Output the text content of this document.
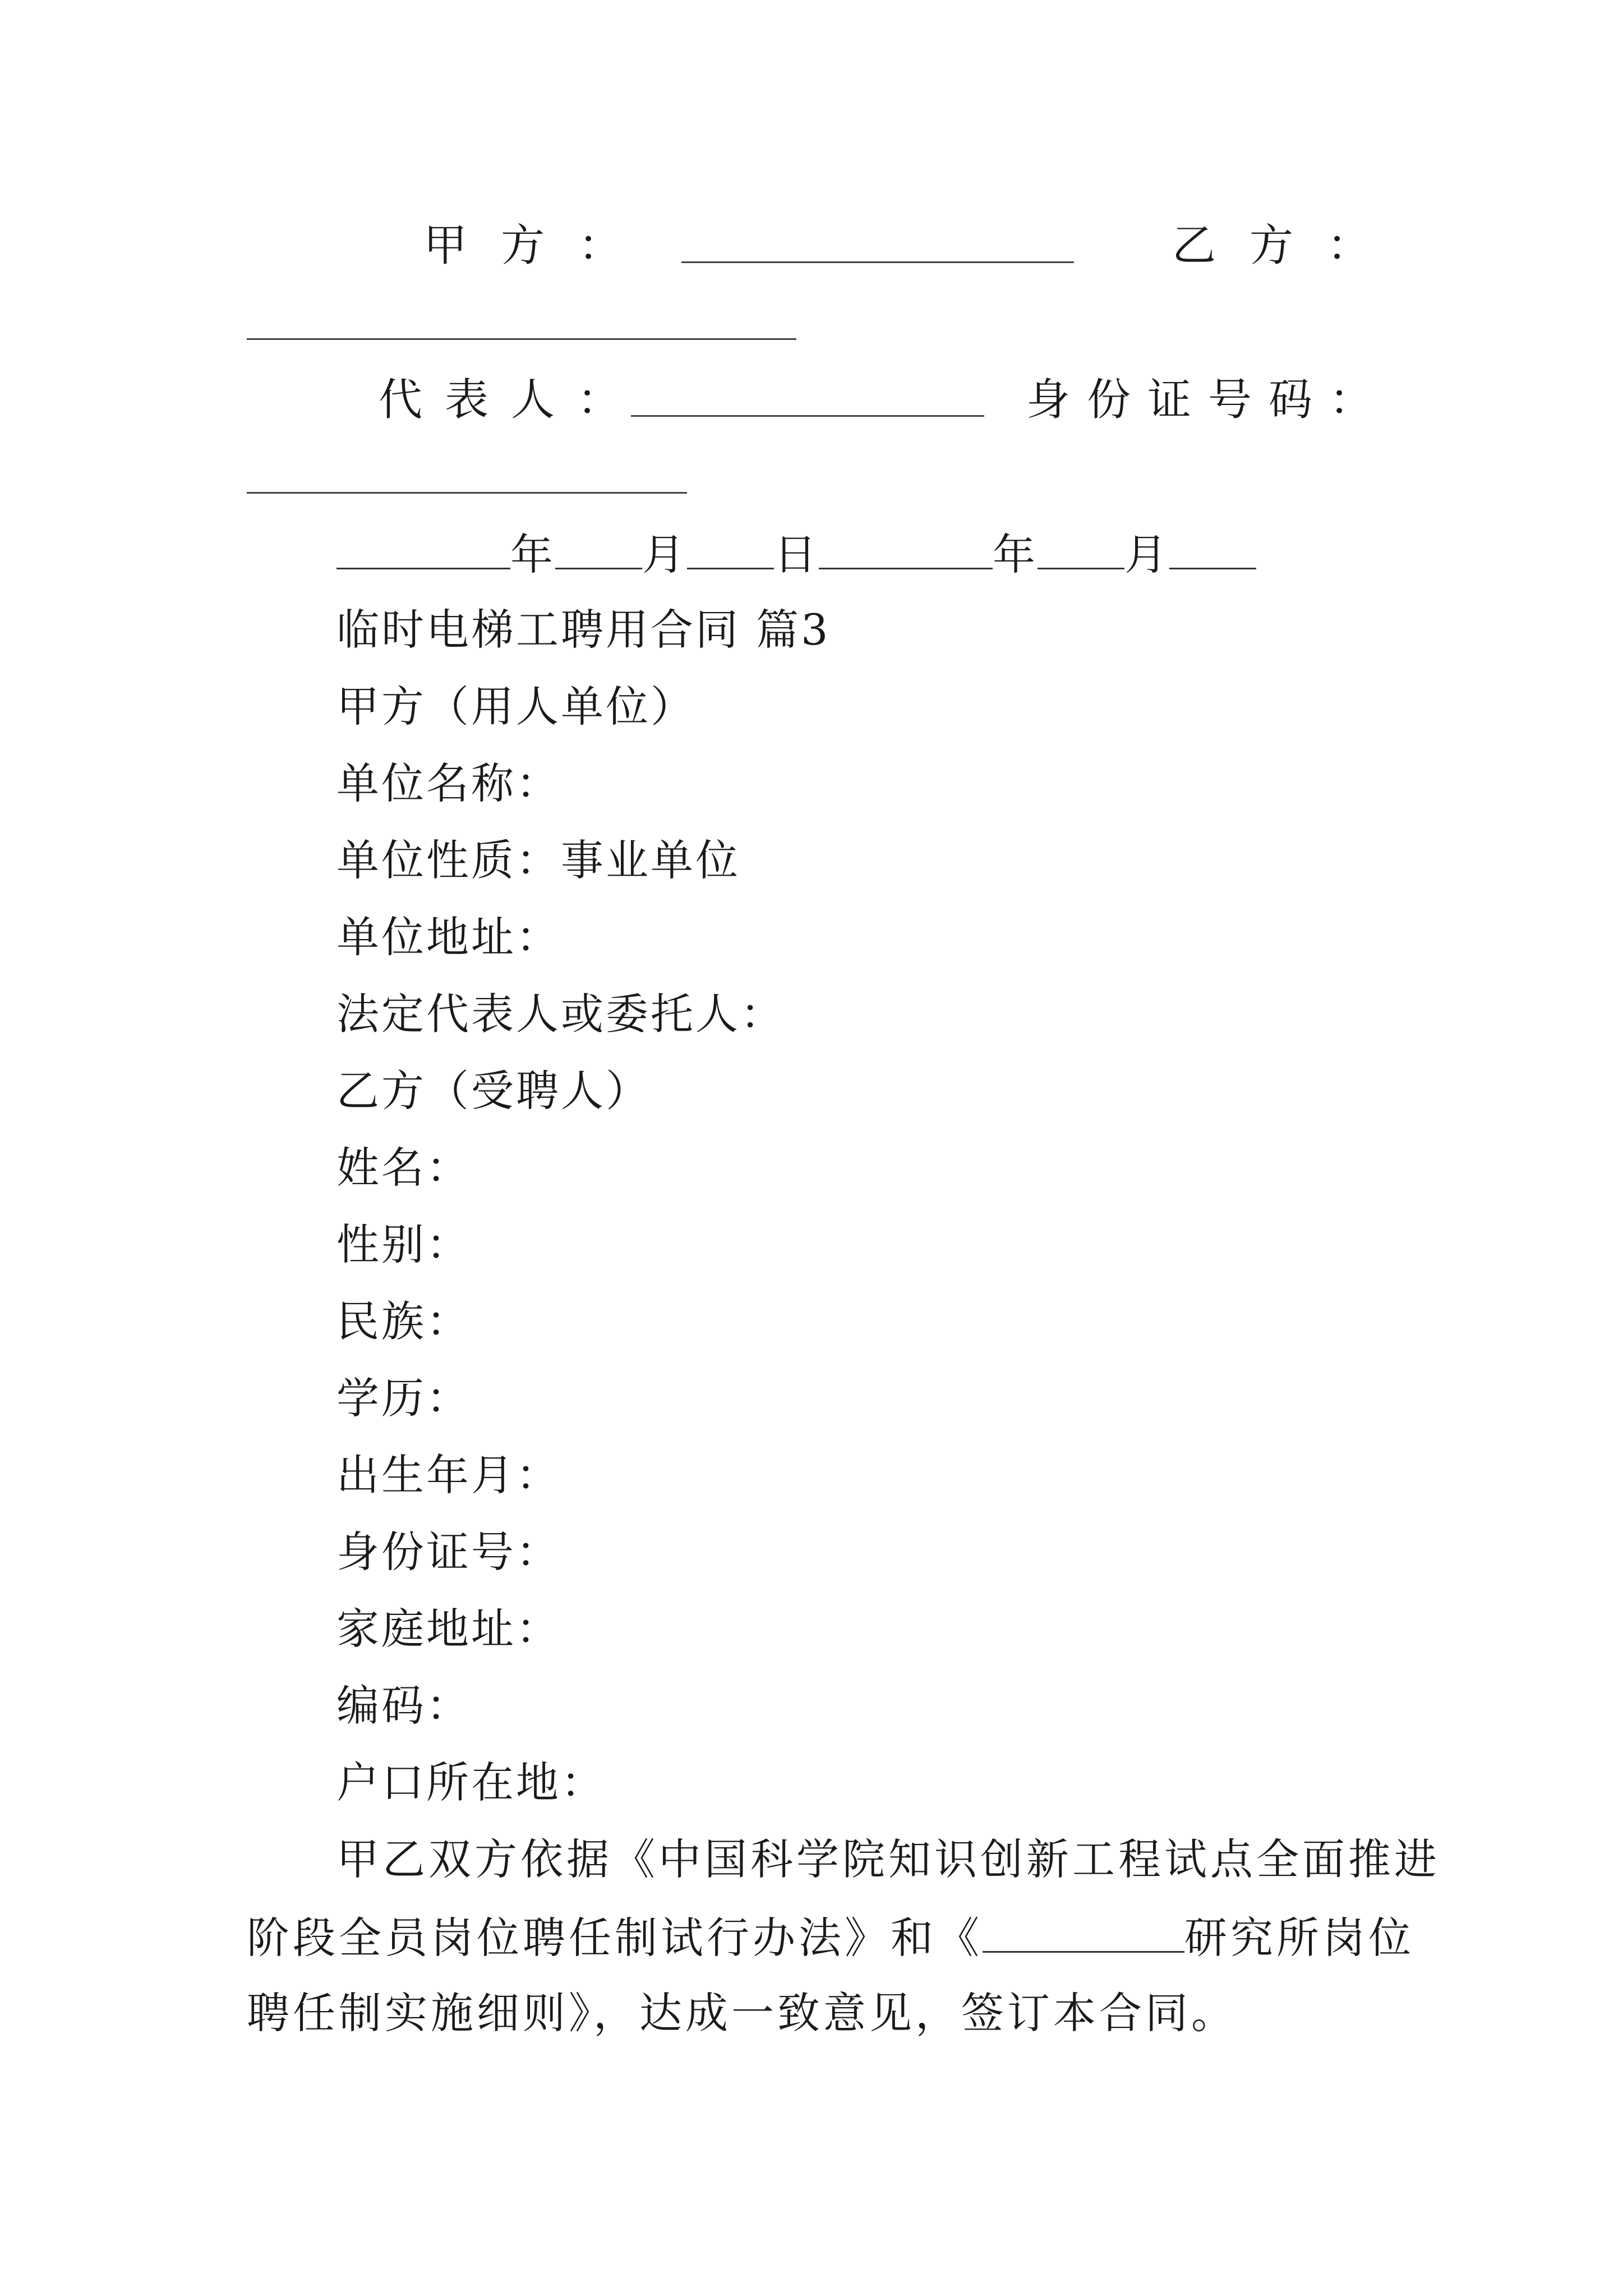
甲方：	乙方：
代表人：	身份证号码：
年 月 日	年 月
临时电梯工聘用合同 篇3
甲方（用人单位）
单位名称：
单位性质：事业单位
单位地址：
法定代表人或委托人：
乙方（受聘人）
姓名：
性别：
民族：
学历：
出生年月：
身份证号：
家庭地址：
编码：
户口所在地：
甲乙双方依据《中国科学院知识创新工程试点全面推进
阶段全员岗位聘任制试行办法》和《	研究所岗位
聘任制实施细则》，达成一致意见，签订本合同。
